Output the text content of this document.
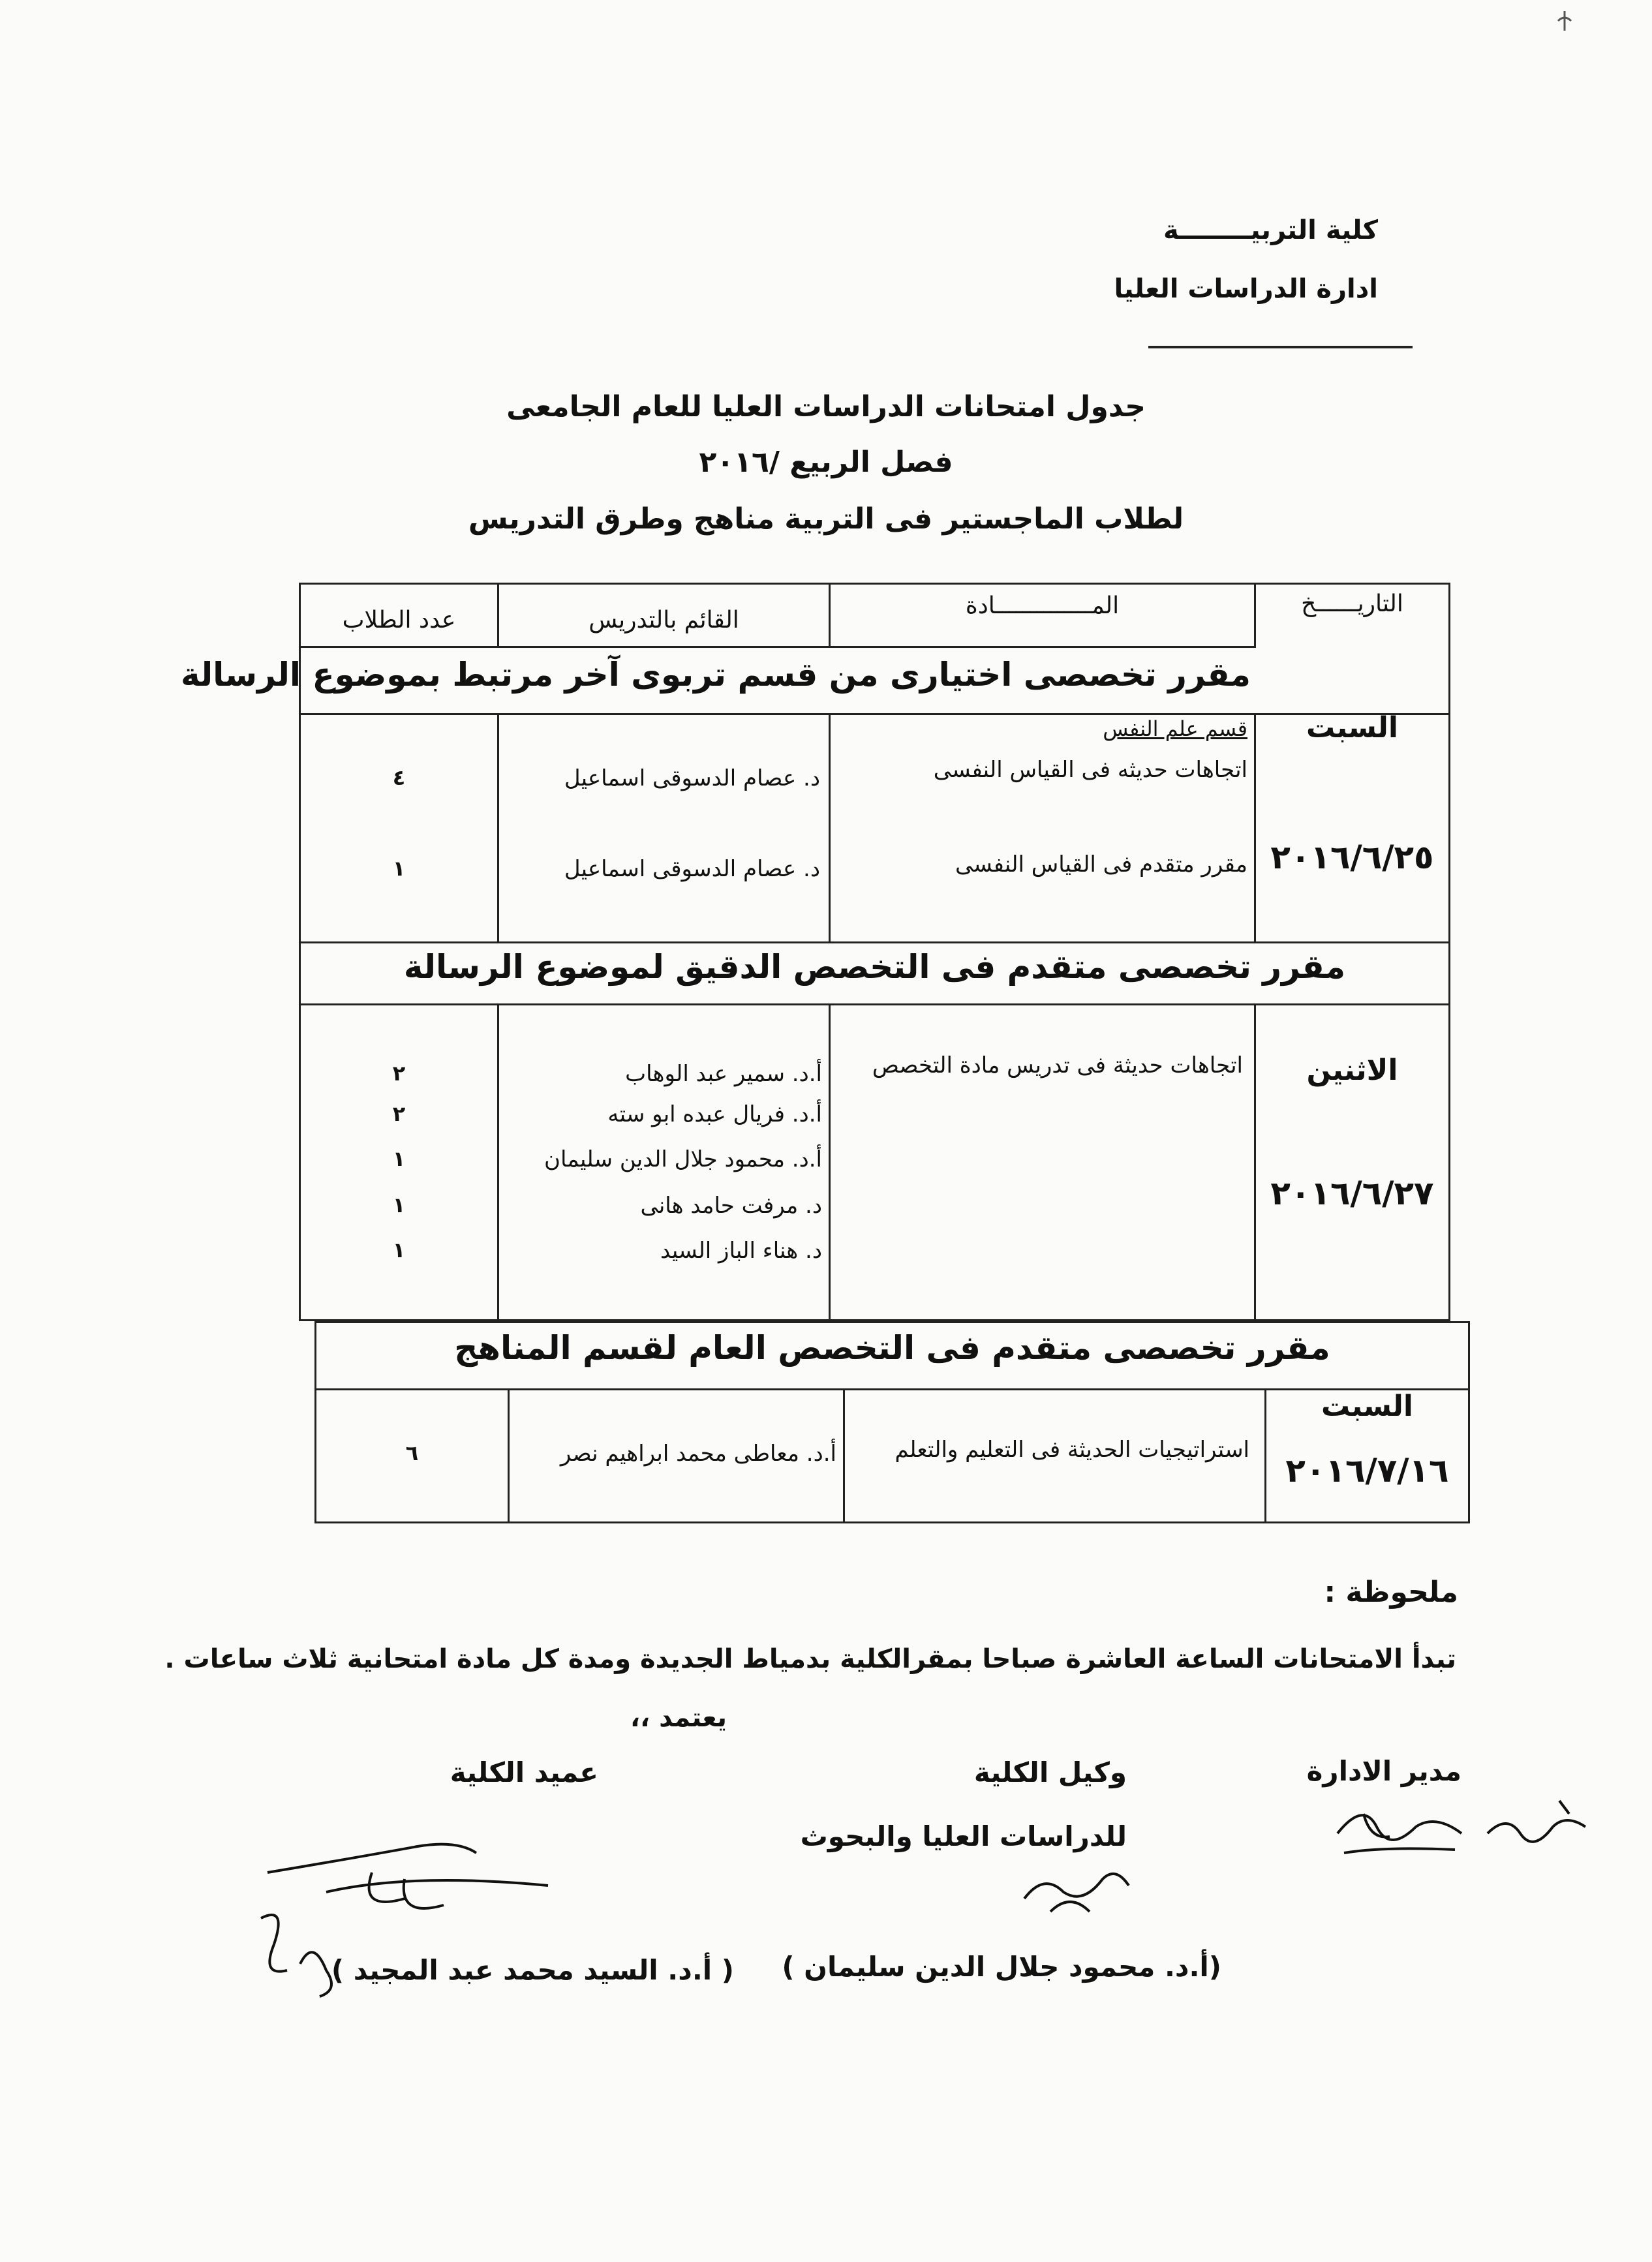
كلية التربيــــــــة
ادارة الدراسات العليا
جدول امتحانات الدراسات العليا للعام الجامعى
فصل الربيع /٢٠١٦
لطلاب الماجستير فى التربية مناهج وطرق التدريس
التاريــــــخ
المــــــــــــــادة
القائم بالتدريس
عدد الطلاب
مقرر تخصصى اختيارى من قسم تربوى آخر مرتبط بموضوع الرسالة
السبت
٢٠١٦/٦/٢٥
قسم علم النفس
اتجاهات حديثه فى القياس النفسى
د. عصام الدسوقى اسماعيل
٤
مقرر متقدم فى القياس النفسى
د. عصام الدسوقى اسماعيل
١
مقرر تخصصى متقدم فى التخصص الدقيق لموضوع الرسالة
الاثنين
٢٠١٦/٦/٢٧
اتجاهات حديثة فى تدريس مادة التخصص
أ.د. سمير عبد الوهاب
٢
أ.د. فريال عبده ابو سته
٢
أ.د. محمود جلال الدين سليمان
١
د. مرفت حامد هانى
١
د. هناء الباز السيد
١
مقرر تخصصى متقدم فى التخصص العام لقسم المناهج
السبت
٢٠١٦/٧/١٦
استراتيجيات الحديثة فى التعليم والتعلم
أ.د. معاطى محمد ابراهيم نصر
٦
ملحوظة :
تبدأ الامتحانات الساعة العاشرة صباحا بمقرالكلية بدمياط الجديدة ومدة كل مادة امتحانية ثلاث ساعات .
يعتمد ،،
مدير الادارة
وكيل الكلية
للدراسات العليا والبحوث
(أ.د. محمود جلال الدين سليمان )
عميد الكلية
( أ.د. السيد محمد عبد المجيد )
